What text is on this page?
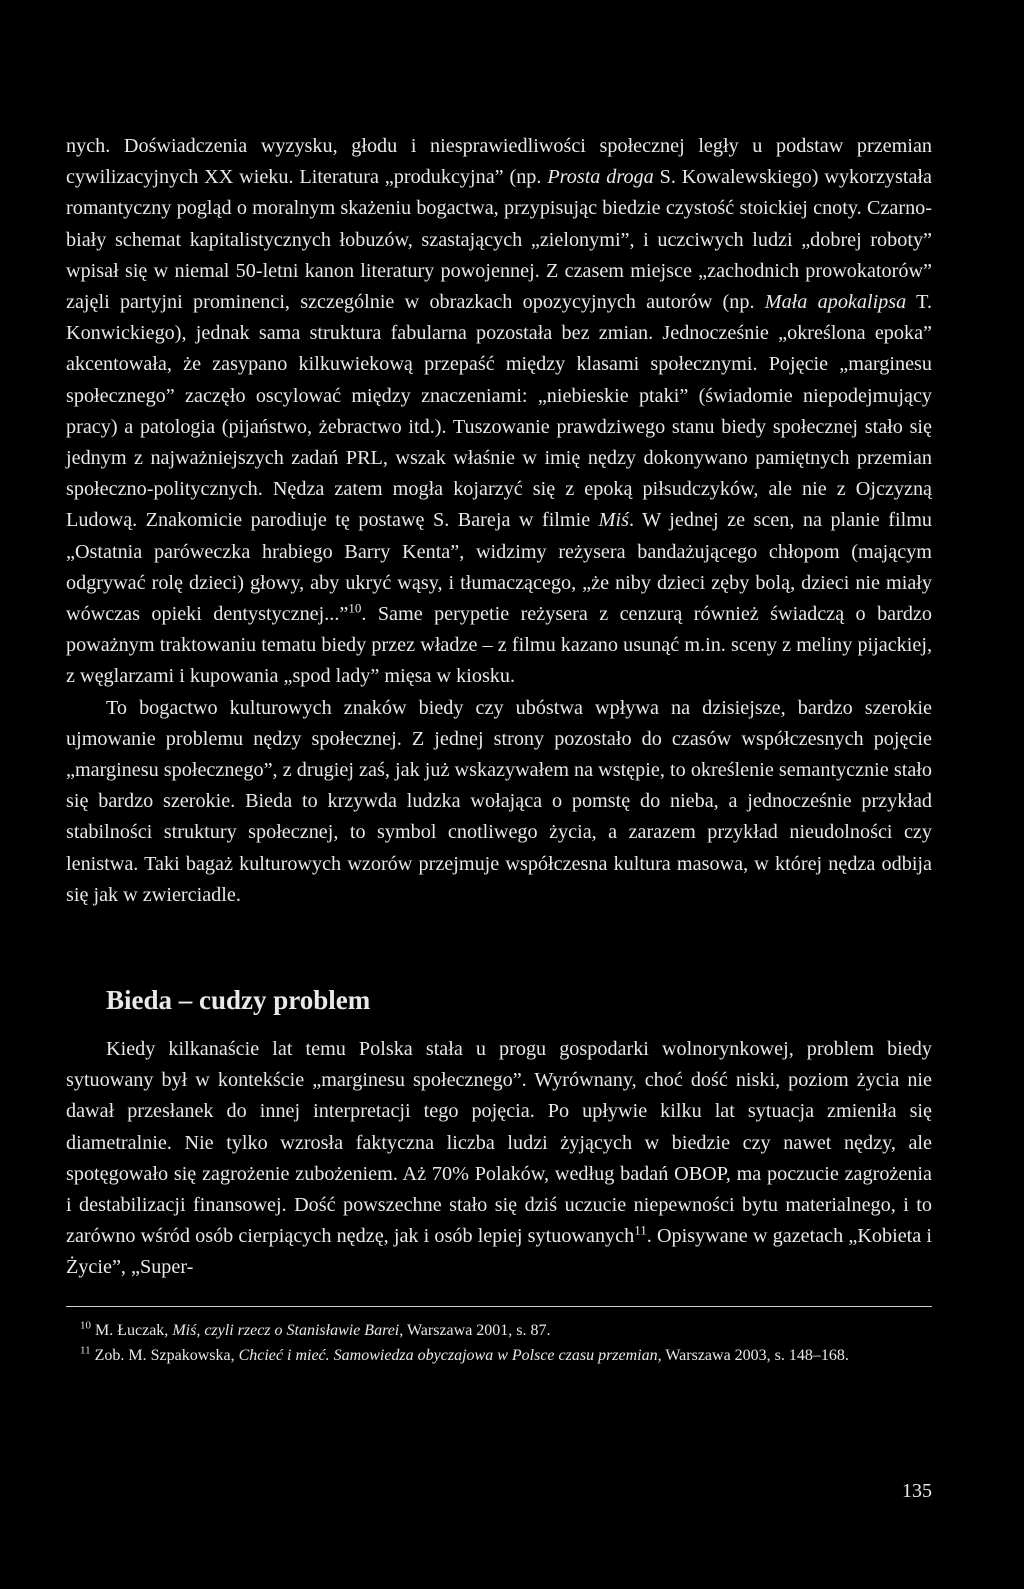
nych. Doświadczenia wyzysku, głodu i niesprawiedliwości społecznej legły u podstaw przemian cywilizacyjnych XX wieku. Literatura „produkcyjna” (np. Prosta droga S. Kowalewskiego) wykorzystała romantyczny pogląd o moralnym skażeniu bogactwa, przypisując biedzie czystość stoickiej cnoty. Czarno-biały schemat kapitalistycznych łobuzów, szastających „zielonymi”, i uczciwych ludzi „dobrej roboty” wpisał się w niemal 50-letni kanon literatury powojennej. Z czasem miejsce „zachodnich prowokatorów” zajęli partyjni prominenci, szczególnie w obrazkach opozycyjnych autorów (np. Mała apokalipsa T. Konwickiego), jednak sama struktura fabularna pozostała bez zmian. Jednocześnie „określona epoka” akcentowała, że zasypano kilkuwiekową przepaść między klasami społecznymi. Pojęcie „marginesu społecznego” zaczęło oscylować między znaczeniami: „niebieskie ptaki” (świadomie niepodejmujący pracy) a patologia (pijaństwo, żebractwo itd.). Tuszowanie prawdziwego stanu biedy społecznej stało się jednym z najważniejszych zadań PRL, wszak właśnie w imię nędzy dokonywano pamiętnych przemian społeczno-politycznych. Nędza zatem mogła kojarzyć się z epoką piłsudczyków, ale nie z Ojczyzną Ludową. Znakomicie parodiuje tę postawę S. Bareja w filmie Miś. W jednej ze scen, na planie filmu „Ostatnia paróweczka hrabiego Barry Kenta”, widzimy reżysera bandażującego chłopom (mającym odgrywać rolę dzieci) głowy, aby ukryć wąsy, i tłumaczącego, „że niby dzieci zęby bolą, dzieci nie miały wówczas opieki dentystycznej...”$^{10}$. Same perypetie reżysera z cenzurą również świadczą o bardzo poważnym traktowaniu tematu biedy przez władze – z filmu kazano usunąć m.in. sceny z meliny pijackiej, z węglarzami i kupowania „spod lady” mięsa w kiosku.

To bogactwo kulturowych znaków biedy czy ubóstwa wpływa na dzisiejsze, bardzo szerokie ujmowanie problemu nędzy społecznej. Z jednej strony pozostało do czasów współczesnych pojęcie „marginesu społecznego”, z drugiej zaś, jak już wskazywałem na wstępie, to określenie semantycznie stało się bardzo szerokie. Bieda to krzywda ludzka wołająca o pomstę do nieba, a jednocześnie przykład stabilności struktury społecznej, to symbol cnotliwego życia, a zarazem przykład nieudolności czy lenistwa. Taki bagaż kulturowych wzorów przejmuje współczesna kultura masowa, w której nędza odbija się jak w zwierciadle.

Bieda – cudzy problem

Kiedy kilkanaście lat temu Polska stała u progu gospodarki wolnorynkowej, problem biedy sytuowany był w kontekście „marginesu społecznego”. Wyrównany, choć dość niski, poziom życia nie dawał przesłanek do innej interpretacji tego pojęcia. Po upływie kilku lat sytuacja zmieniła się diametralnie. Nie tylko wzrosła faktyczna liczba ludzi żyjących w biedzie czy nawet nędzy, ale spotęgowało się zagrożenie zubożeniem. Aż 70% Polaków, według badań OBOP, ma poczucie zagrożenia i destabilizacji finansowej. Dość powszechne stało się dziś uczucie niepewności bytu materialnego, i to zarówno wśród osób cierpiących nędzę, jak i osób lepiej sytuowanych$^{11}$. Opisywane w gazetach „Kobieta i Życie”, „Super-

$^{10}$ M. Łuczak, Miś, czyli rzecz o Stanisławie Barei, Warszawa 2001, s. 87.

$^{11}$ Zob. M. Szpakowska, Chcieć i mieć. Samowiedza obyczajowa w Polsce czasu przemian, Warszawa 2003, s. 148–168.

135
